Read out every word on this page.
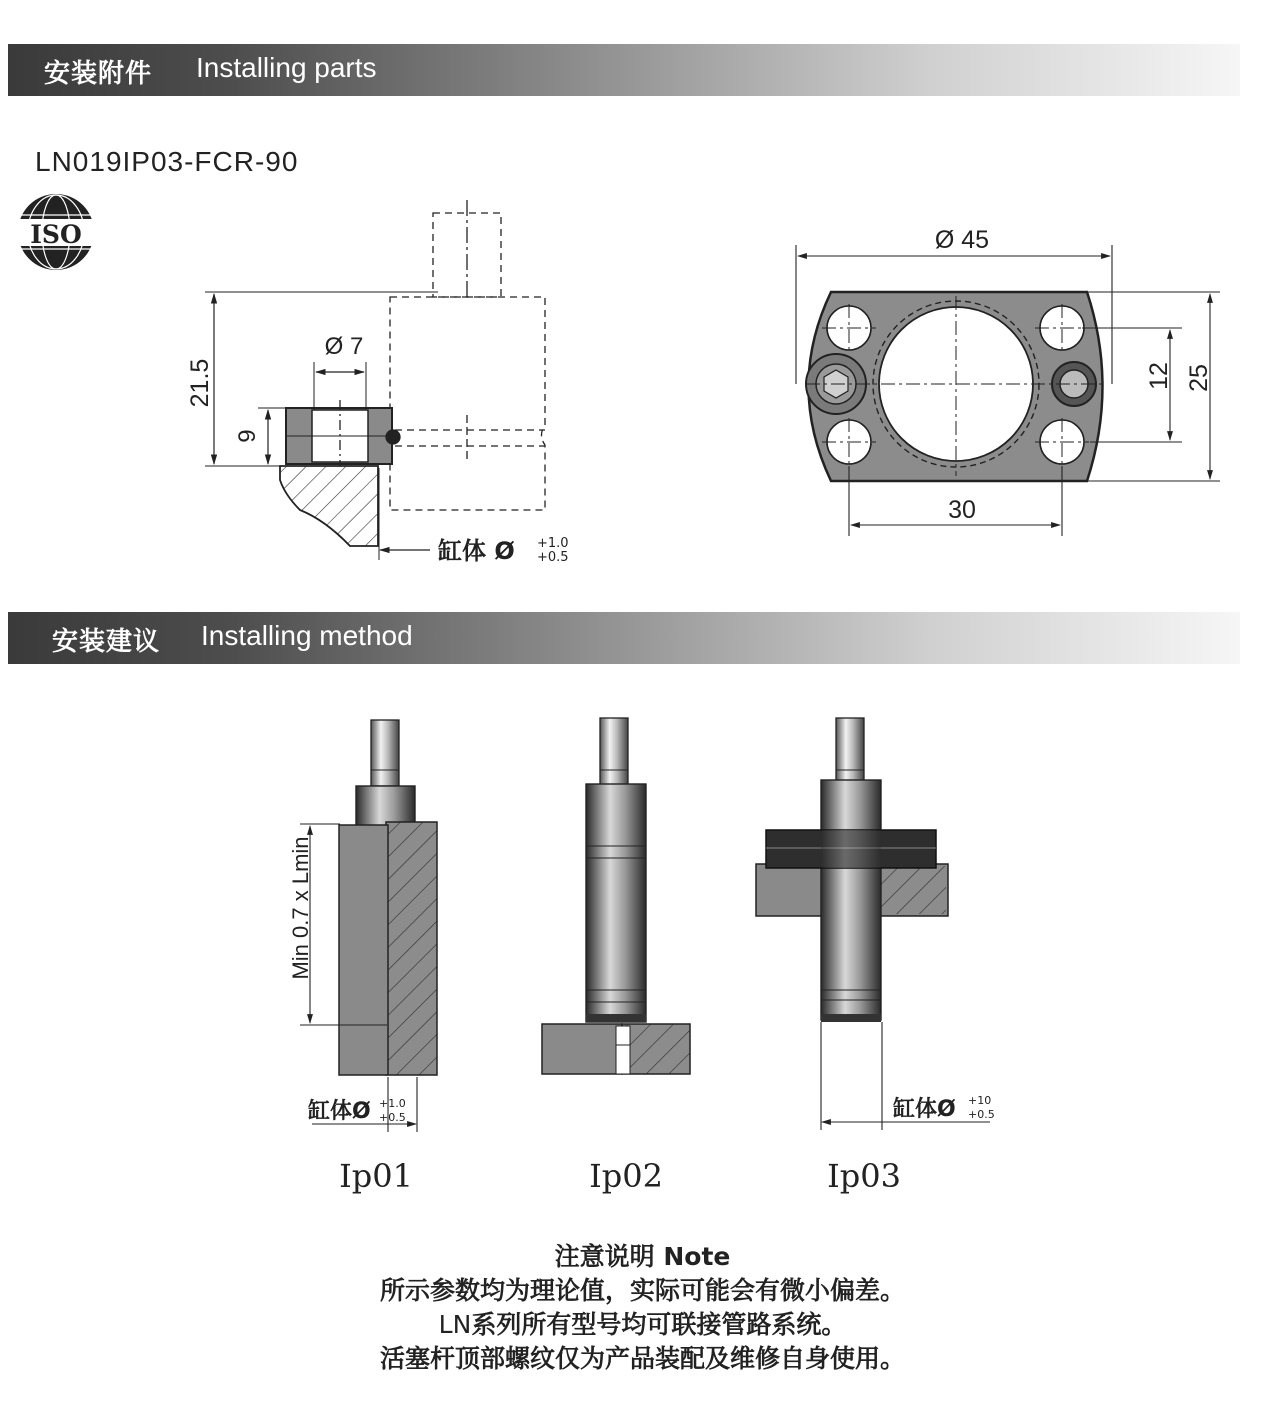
安装附件 Installing parts
安装建议 Installing method
LN019IP03-FCR-90
ISO
21.5
9
Ø 7
缸体 Ø +1.0
+0.5
Ø 45
30
12 25
Min 0.7 x Lmin
缸体Ø +1.0
+0.5
Ip01	Ip02
缸体Ø +10
+0.5
Ip03
注意说明 Note
所示参数均为理论值，实际可能会有微小偏差。
LN系列所有型号均可联接管路系统。
活塞杆顶部螺纹仅为产品装配及维修自身使用。
